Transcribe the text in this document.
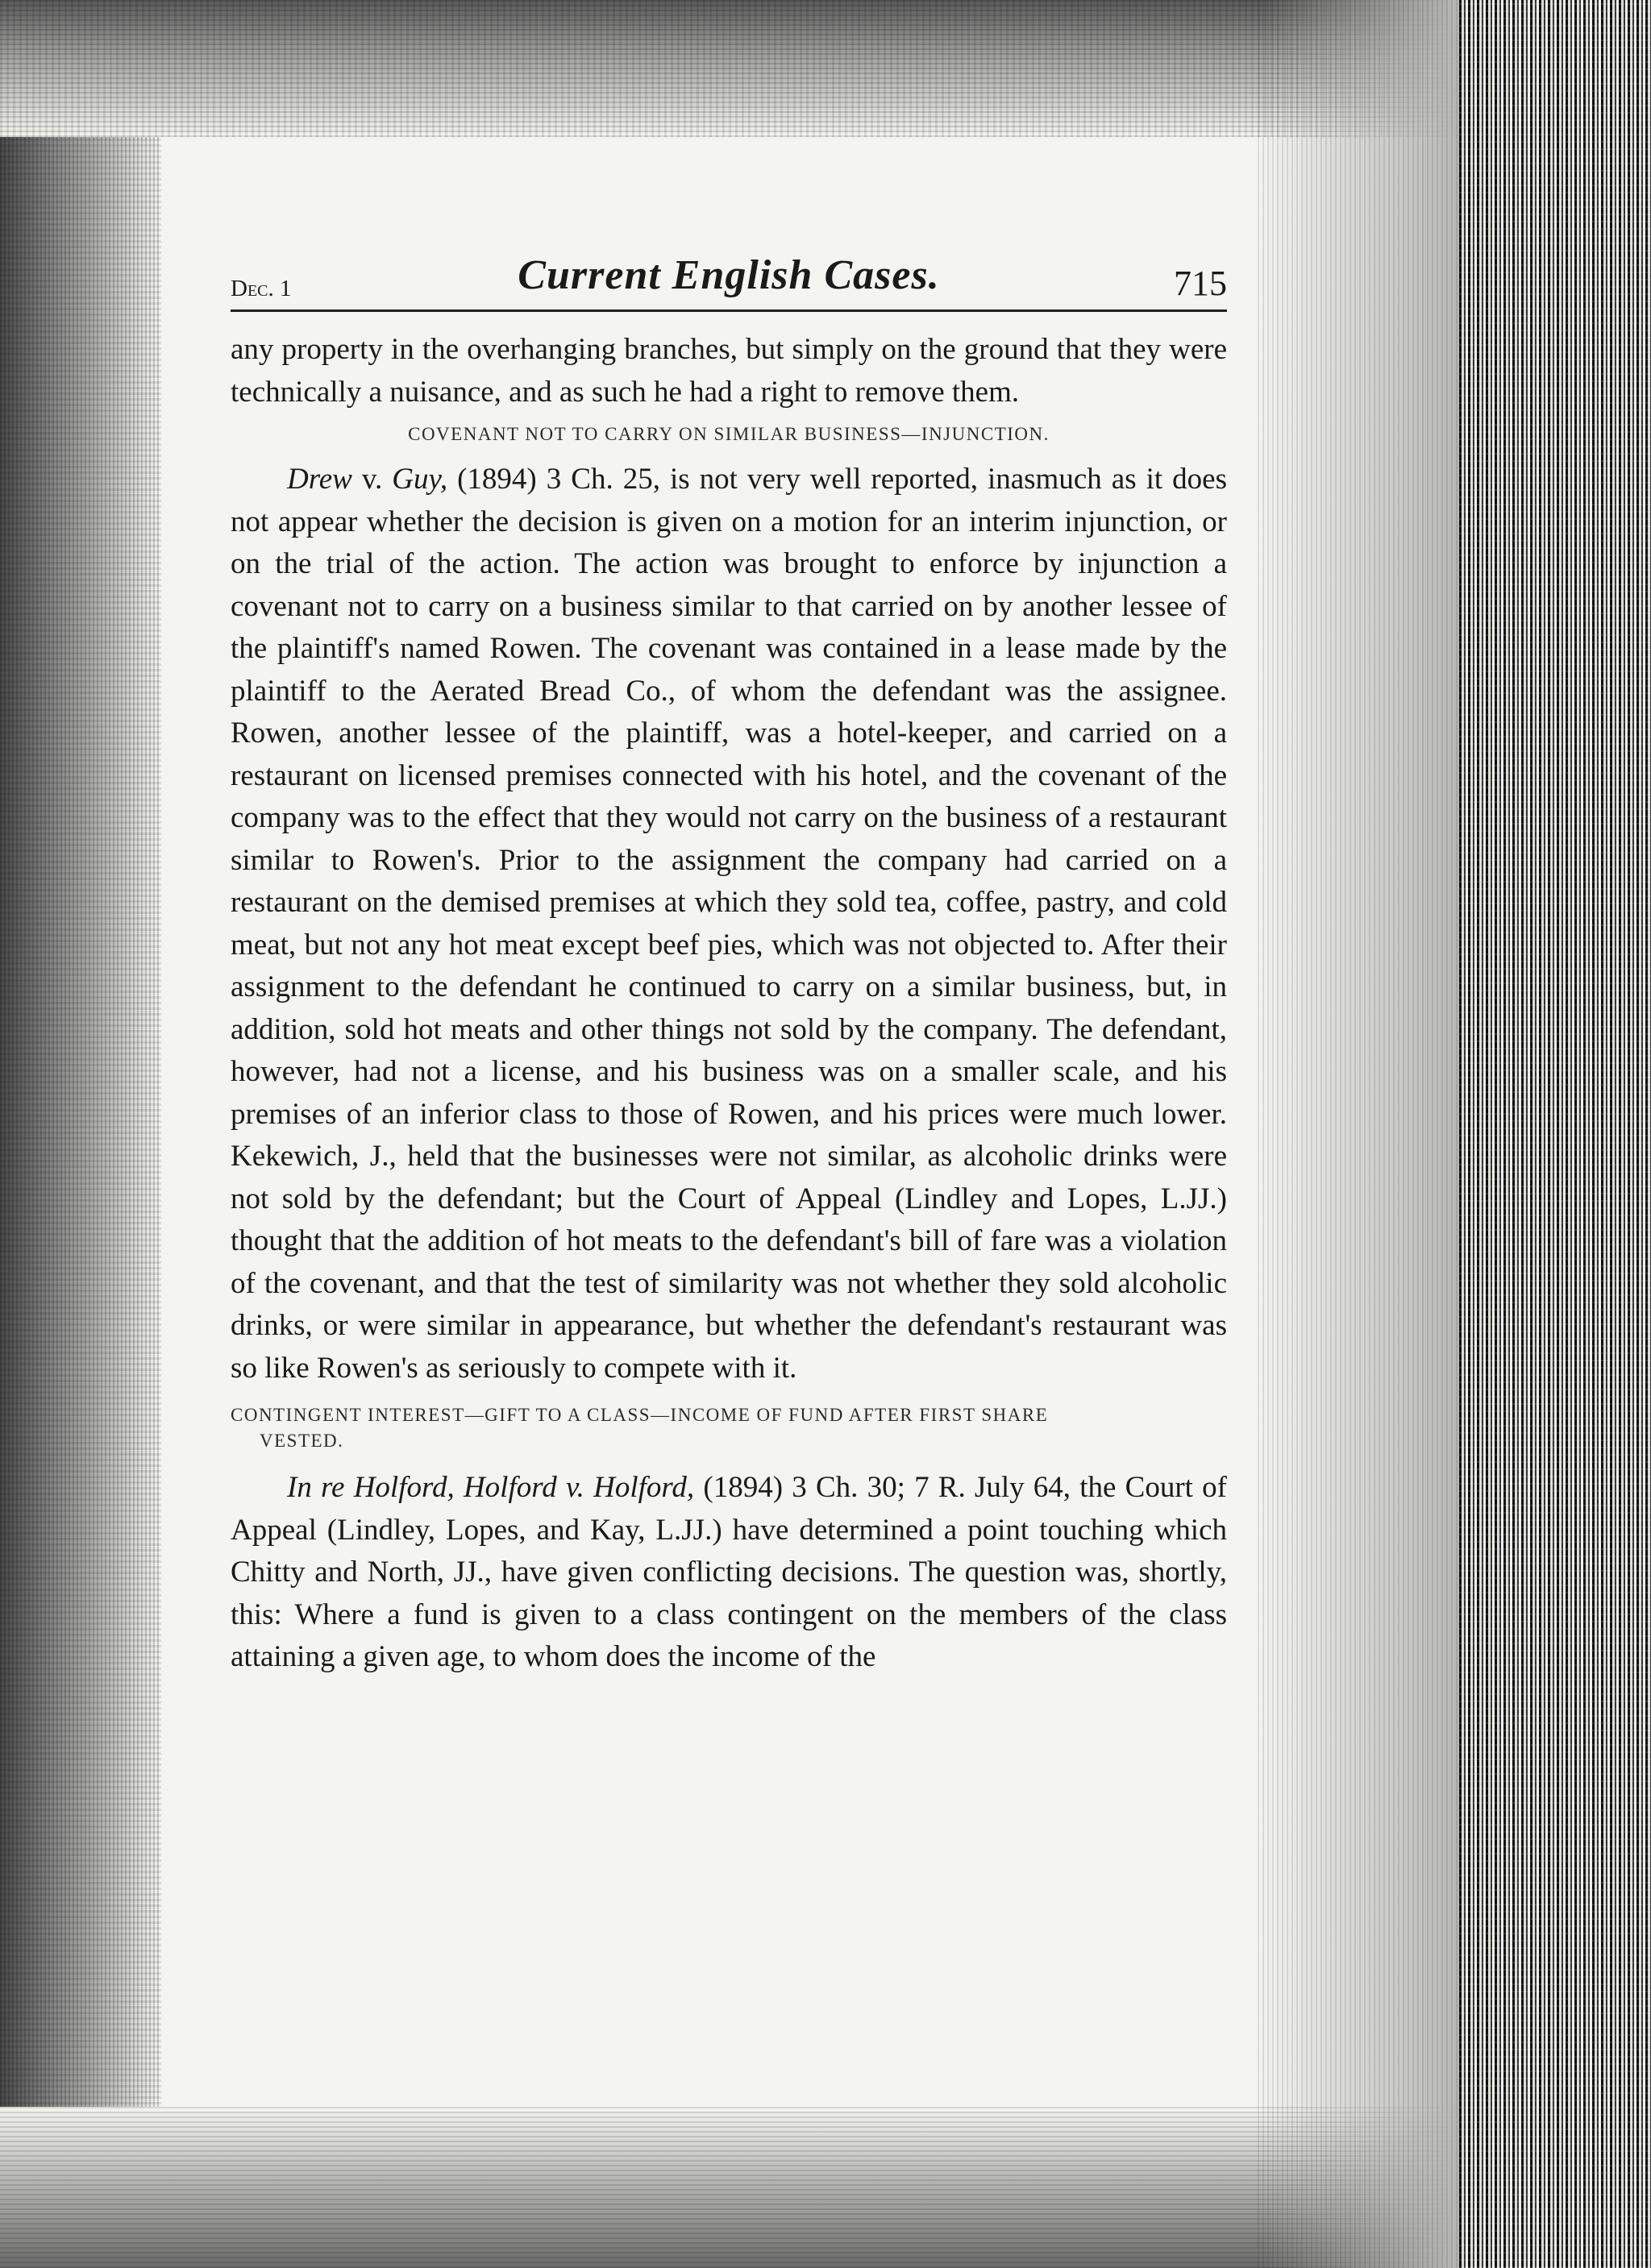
Dec. 1	Current English Cases.	715

any property in the overhanging branches, but simply on the ground that they were technically a nuisance, and as such he had a right to remove them.

COVENANT NOT TO CARRY ON SIMILAR BUSINESS—INJUNCTION.

Drew v. Guy, (1894) 3 Ch. 25, is not very well reported, inasmuch as it does not appear whether the decision is given on a motion for an interim injunction, or on the trial of the action. The action was brought to enforce by injunction a covenant not to carry on a business similar to that carried on by another lessee of the plaintiff's named Rowen. The covenant was contained in a lease made by the plaintiff to the Aerated Bread Co., of whom the defendant was the assignee. Rowen, another lessee of the plaintiff, was a hotel-keeper, and carried on a restaurant on licensed premises connected with his hotel, and the covenant of the company was to the effect that they would not carry on the business of a restaurant similar to Rowen's. Prior to the assignment the company had carried on a restaurant on the demised premises at which they sold tea, coffee, pastry, and cold meat, but not any hot meat except beef pies, which was not objected to. After their assignment to the defendant he continued to carry on a similar business, but, in addition, sold hot meats and other things not sold by the company. The defendant, however, had not a license, and his business was on a smaller scale, and his premises of an inferior class to those of Rowen, and his prices were much lower. Kekewich, J., held that the businesses were not similar, as alcoholic drinks were not sold by the defendant; but the Court of Appeal (Lindley and Lopes, L.JJ.) thought that the addition of hot meats to the defendant's bill of fare was a violation of the covenant, and that the test of similarity was not whether they sold alcoholic drinks, or were similar in appearance, but whether the defendant's restaurant was so like Rowen's as seriously to compete with it.

CONTINGENT INTEREST—GIFT TO A CLASS—INCOME OF FUND AFTER FIRST SHARE
VESTED.

In re Holford, Holford v. Holford, (1894) 3 Ch. 30; 7 R. July 64, the Court of Appeal (Lindley, Lopes, and Kay, L.JJ.) have determined a point touching which Chitty and North, JJ., have given conflicting decisions. The question was, shortly, this: Where a fund is given to a class contingent on the members of the class attaining a given age, to whom does the income of the
